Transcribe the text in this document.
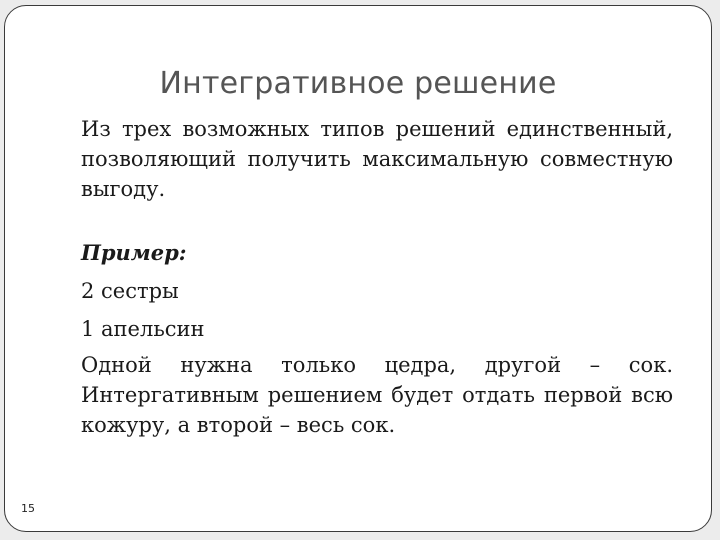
Интегративное решение

Из трех возможных типов решений единственный, позволяющий получить максимальную совместную выгоду.

Пример:
2 сестры
1 апельсин

Одной нужна только цедра, другой – сок. Интергативным решением будет отдать первой всю кожуру, а второй – весь сок.

15
